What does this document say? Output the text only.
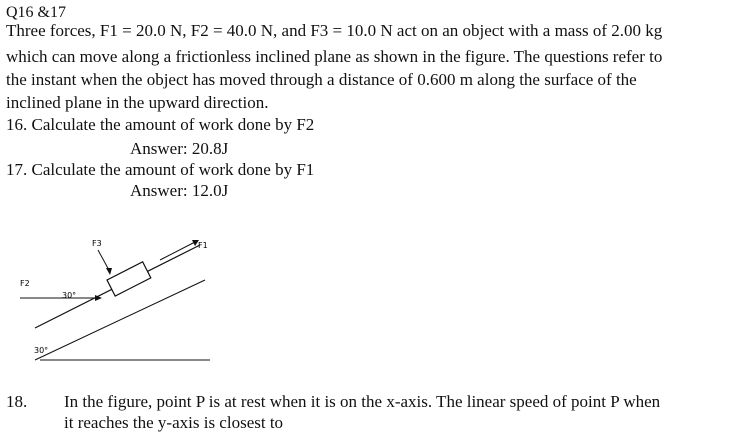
Q16 &17
Three forces, F1 = 20.0 N, F2 = 40.0 N, and F3 = 10.0 N act on an object with a mass of 2.00 kg
which can move along a frictionless inclined plane as shown in the figure. The questions refer to
the instant when the object has moved through a distance of 0.600 m along the surface of the
inclined plane in the upward direction.
16. Calculate the amount of work done by F2
Answer: 20.8J
17. Calculate the amount of work done by F1
Answer: 12.0J
F3	F1
F2
30°
30°
18. In the figure, point P is at rest when it is on the x-axis. The linear speed of point P when
it reaches the y-axis is closest to
